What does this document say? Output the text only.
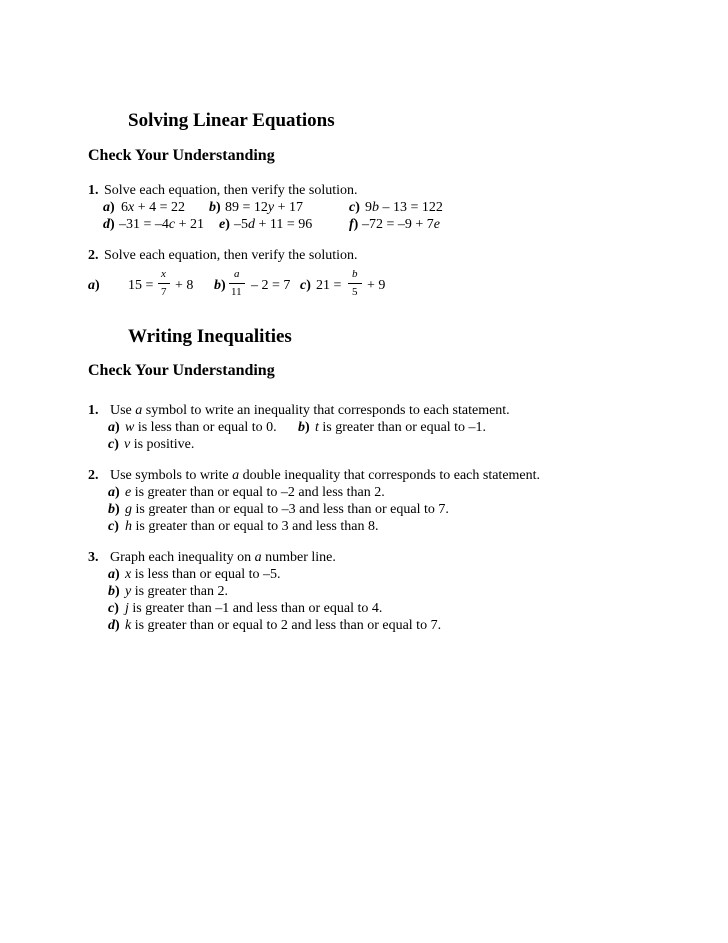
Solving Linear Equations
Check Your Understanding
1. Solve each equation, then verify the solution.
a) 6x + 4 = 22 b) 89 = 12y + 17	c) 9b – 13 = 122
d) –31 = –4c + 21 e) –5d + 11 = 96	f) –72 = –9 + 7e
2. Solve each equation, then verify the solution.
a) 15 =
x
7 + 8 b)
a
11 – 2 = 7 c) 21 =
b
5 + 9
Writing Inequalities
Check Your Understanding
1. Use a symbol to write an inequality that corresponds to each statement.
a) w is less than or equal to 0. b) t is greater than or equal to –1.
c) v is positive.
2. Use symbols to write a double inequality that corresponds to each statement.
a) e is greater than or equal to –2 and less than 2.
b) g is greater than or equal to –3 and less than or equal to 7.
c) h is greater than or equal to 3 and less than 8.
3. Graph each inequality on a number line.
a) x is less than or equal to –5.
b) y is greater than 2.
c) j is greater than –1 and less than or equal to 4.
d) k is greater than or equal to 2 and less than or equal to 7.
